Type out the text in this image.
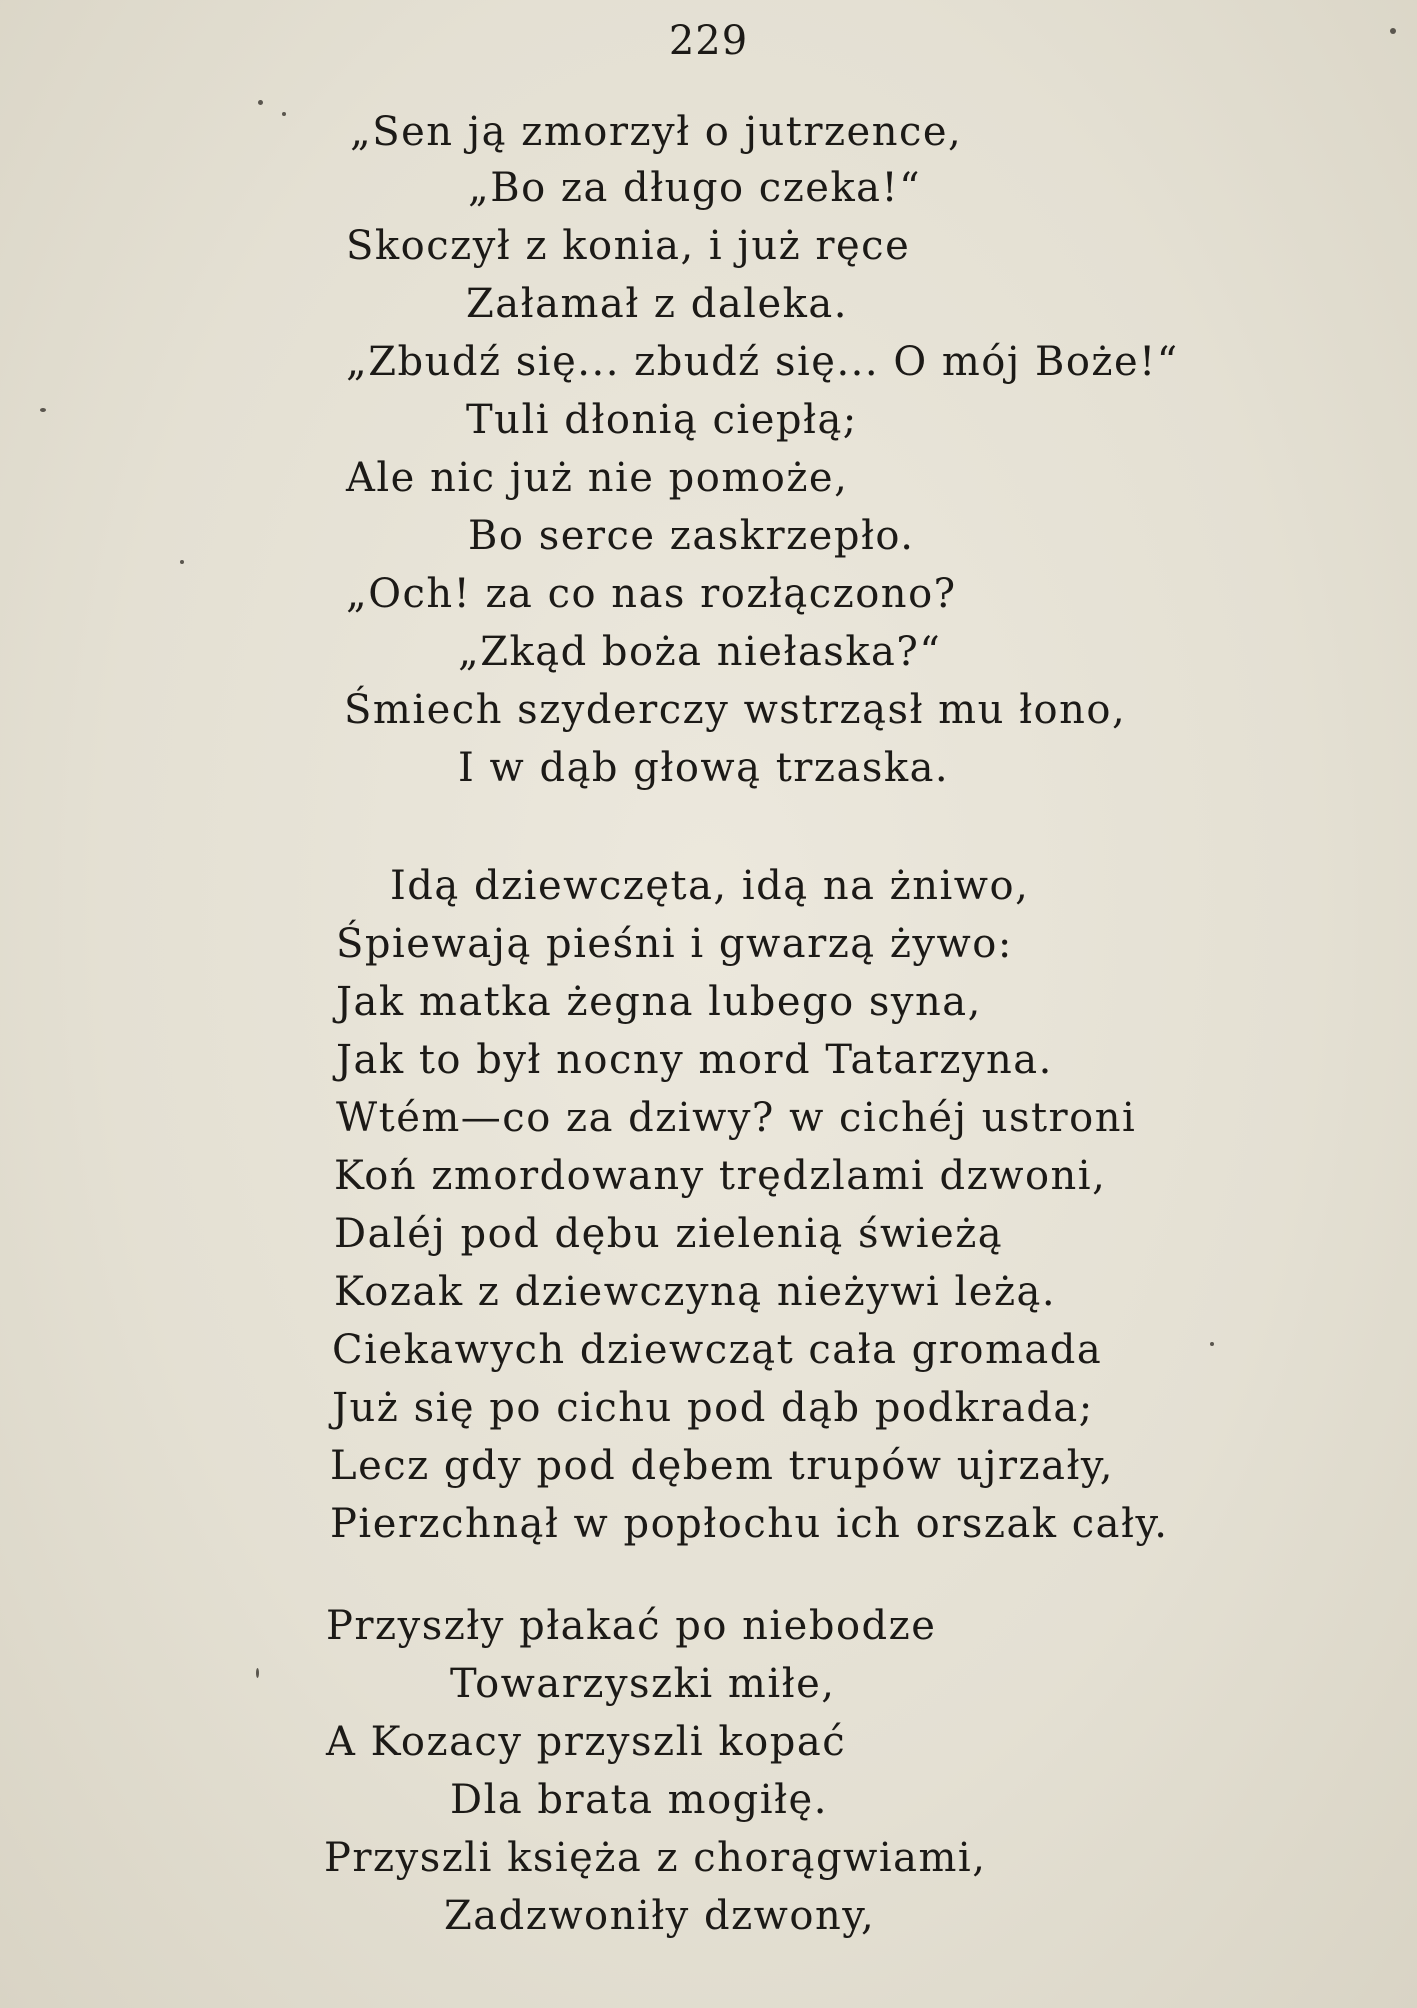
229
„Sen ją zmorzył o jutrzence,
„Bo za długo czeka!“
Skoczył z konia, i już ręce
Załamał z daleka.
„Zbudź się... zbudź się... O mój Boże!“
Tuli dłonią ciepłą;
Ale nic już nie pomoże,
Bo serce zaskrzepło.
„Och! za co nas rozłączono?
„Zkąd boża niełaska?“
Śmiech szyderczy wstrząsł mu łono,
I w dąb głową trzaska.
Idą dziewczęta, idą na żniwo,
Śpiewają pieśni i gwarzą żywo:
Jak matka żegna lubego syna,
Jak to był nocny mord Tatarzyna.
Wtém—co za dziwy? w cichéj ustroni
Koń zmordowany trędzlami dzwoni,
Daléj pod dębu zielenią świeżą
Kozak z dziewczyną nieżywi leżą.
Ciekawych dziewcząt cała gromada
Już się po cichu pod dąb podkrada;
Lecz gdy pod dębem trupów ujrzały,
Pierzchnął w popłochu ich orszak cały.
Przyszły płakać po niebodze
Towarzyszki miłe,
A Kozacy przyszli kopać
Dla brata mogiłę.
Przyszli księża z chorągwiami,
Zadzwoniły dzwony,
